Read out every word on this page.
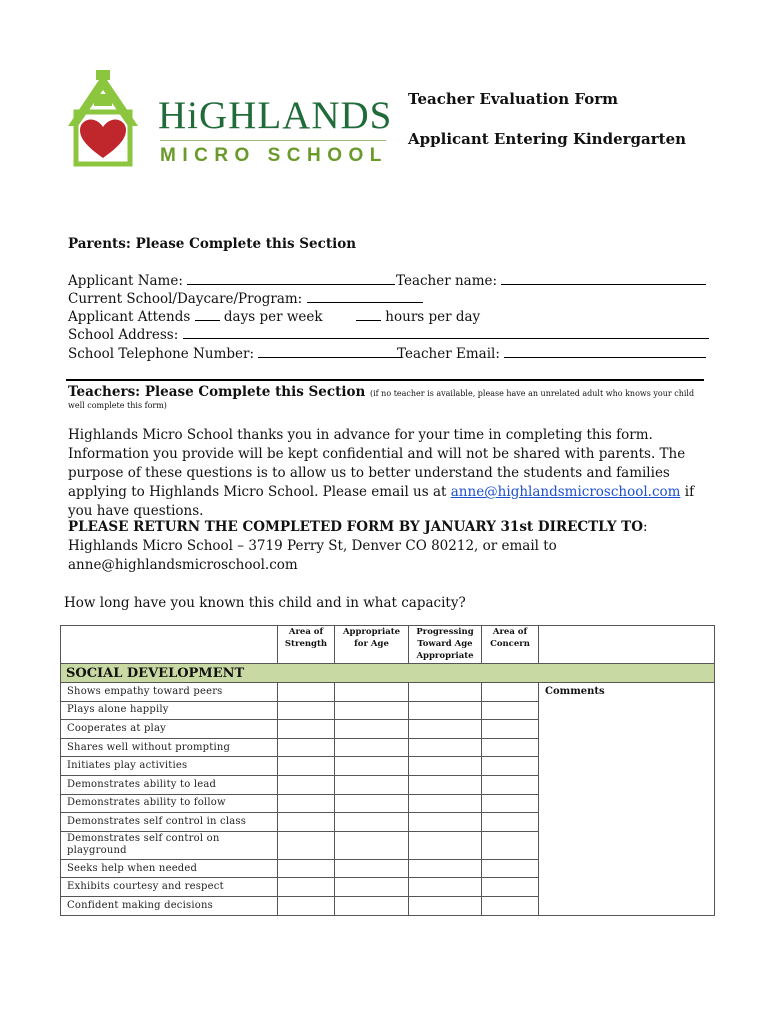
HiGHLANDS
MICRO SCHOOL
Teacher Evaluation Form
Applicant Entering Kindergarten
Parents: Please Complete this Section
Applicant Name:	Teacher name:
Current School/Daycare/Program:
Applicant Attends days per week	hours per day
School Address:
School Telephone Number:	Teacher Email:
Teachers: Please Complete this Section (if no teacher is available, please have an unrelated adult who knows your child
well complete this form)
Highlands Micro School thanks you in advance for your time in completing this form. Information you provide will be kept confidential and will not be shared with parents. The purpose of these questions is to allow us to better understand the students and families applying to Highlands Micro School. Please email us at anne@highlandsmicroschool.com if you have questions.
PLEASE RETURN THE COMPLETED FORM BY JANUARY 31st DIRECTLY TO: Highlands Micro School – 3719 Perry St, Denver CO 80212, or email to anne@highlandsmicroschool.com
How long have you known this child and in what capacity?
	Area of Strength	Appropriate for Age	Progressing Toward Age Appropriate	Area of Concern	
SOCIAL DEVELOPMENT					
Shows empathy toward peers					Comments
Plays alone happily					
Cooperates at play					
Shares well without prompting					
Initiates play activities					
Demonstrates ability to lead					
Demonstrates ability to follow					
Demonstrates self control in class					
Demonstrates self control on playground					
Seeks help when needed					
Exhibits courtesy and respect					
Confident making decisions					
